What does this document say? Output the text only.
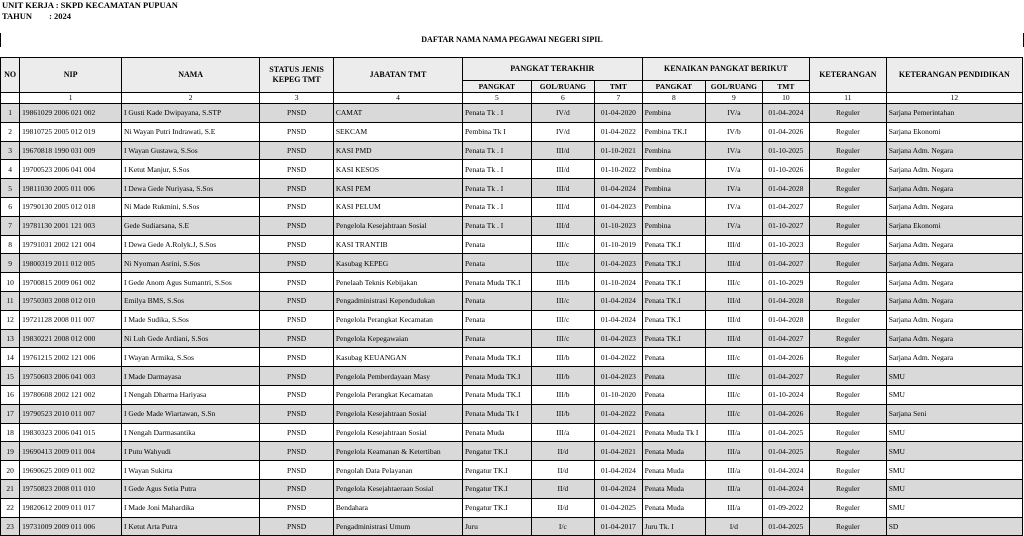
UNIT KERJA : SKPD KECAMATAN PUPUAN
TAHUN        : 2024
DAFTAR NAMA NAMA PEGAWAI NEGERI SIPIL
NO	NIP	NAMA	STATUS JENIS KEPEG TMT	JABATAN TMT	PANGKAT TERAKHIR			KENAIKAN PANGKAT BERIKUT			KETERANGAN	KETERANGAN PENDIDIKAN
					PANGKAT	GOL/RUANG	TMT	PANGKAT	GOL/RUANG	TMT		
	1	2	3	4	5	6	7	8	9	10	11	12
1	19861029 2006 021 002	I Gusti Kade Dwipayana, S.STP	PNSD	CAMAT	Penata Tk . I	IV/d	01-04-2020	Pembina	IV/a	01-04-2024	Reguler	Sarjana Pemerintahan
2	19810725 2005 012 019	Ni Wayan Putri Indrawati, S.E	PNSD	SEKCAM	Pembina Tk I	IV/d	01-04-2022	Pembina TK.I	IV/b	01-04-2026	Reguler	Sarjana Ekonomi
3	19670818 1990 031 009	I Wayan Gustawa, S.Sos	PNSD	KASI PMD	Penata Tk . I	III/d	01-10-2021	Pembina	IV/a	01-10-2025	Reguler	Sarjana Adm. Negara
4	19700523 2006 041 004	I Ketut Manjur, S.Sos	PNSD	KASI KESOS	Penata Tk . I	III/d	01-10-2022	Pembina	IV/a	01-10-2026	Reguler	Sarjana Adm. Negara
5	19811030 2005 011 006	I Dewa Gede Nuriyasa, S.Sos	PNSD	KASI PEM	Penata Tk . I	III/d	01-04-2024	Pembina	IV/a	01-04-2028	Reguler	Sarjana Adm. Negara
6	19790130 2005 012 018	Ni Made Rukmini, S.Sos	PNSD	KASI PELUM	Penata Tk . I	III/d	01-04-2023	Pembina	IV/a	01-04-2027	Reguler	Sarjana Adm. Negara
7	19781130 2001 121 003	Gede Sudiarsana, S.E	PNSD	Pengelola Kesejahtraan Sosial	Penata Tk . I	III/d	01-10-2023	Pembina	IV/a	01-10-2027	Reguler	Sarjana Ekonomi
8	19791031 2002 121 004	I Dewa Gede A.Rolyk.J, S.Sos	PNSD	KASI TRANTIB	Penata	III/c	01-10-2019	Penata TK.I	III/d	01-10-2023	Reguler	Sarjana Adm. Negara
9	19800319 2011 012 005	Ni Nyoman Asrini, S.Sos	PNSD	Kasubag KEPEG	Penata	III/c	01-04-2023	Penata TK.I	III/d	01-04-2027	Reguler	Sarjana Adm. Negara
10	19700815 2009 061 002	I Gede Anom Agus Sumantri, S.Sos	PNSD	Penelaah Teknis Kebijakan	Penata Muda TK.I	III/b	01-10-2024	Penata TK.I	III/c	01-10-2029	Reguler	Sarjana Adm. Negara
11	19750303 2008 012 010	Emilya BMS, S.Sos	PNSD	Pengadministrasi Kependudukan	Penata	III/c	01-04-2024	Penata TK.I	III/d	01-04-2028	Reguler	Sarjana Adm. Negara
12	19721128 2008 011 007	I Made Sudika, S.Sos	PNSD	Pengelola Perangkat Kecamatan	Penata	III/c	01-04-2024	Penata TK.I	III/d	01-04-2028	Reguler	Sarjana Adm. Negara
13	19830221 2008 012 000	Ni Luh Gede Ardiani, S.Sos	PNSD	Pengelola Kepegawaian	Penata	III/c	01-04-2023	Penata TK.I	III/d	01-04-2027	Reguler	Sarjana Adm. Negara
14	19761215 2002 121 006	I Wayan Armika, S.Sos	PNSD	Kasubag KEUANGAN	Penata Muda TK.I	III/b	01-04-2022	Penata	III/c	01-04-2026	Reguler	Sarjana Adm. Negara
15	19750603 2006 041 003	I Made Darmayasa	PNSD	Pengelola Pemberdayaan Masy	Penata Muda TK.I	III/b	01-04-2023	Penata	III/c	01-04-2027	Reguler	SMU
16	19780608 2002 121 002	I Nengah Dharma Hariyasa	PNSD	Pengelola Perangkat Kecamatan	Penata Muda TK.I	III/b	01-10-2020	Penata	III/c	01-10-2024	Reguler	SMU
17	19790523 2010 011 007	I Gede Made Wiartawan, S.Sn	PNSD	Pengelola Kesejahtraan Sosial	Penata Muda Tk I	III/b	01-04-2022	Penata	III/c	01-04-2026	Reguler	Sarjana Seni
18	19830323 2006 041 015	I Nengah Darmasantika	PNSD	Pengelola Kesejahtraan Sosial	Penata Muda	III/a	01-04-2021	Penata Muda Tk I	III/a	01-04-2025	Reguler	SMU
19	19690413 2009 011 004	I Putu Wahyudi	PNSD	Pengelola Keamanan & Ketertiban	Pengatur TK.I	II/d	01-04-2021	Penata Muda	III/a	01-04-2025	Reguler	SMU
20	19690625 2009 011 002	I Wayan Sukirta	PNSD	Pengolah Data Pelayanan	Pengatur TK.I	II/d	01-04-2024	Penata Muda	III/a	01-04-2024	Reguler	SMU
21	19750823 2008 011 010	I Gede Agus Setia Putra	PNSD	Pengelola Kesejahtaeraan Sosial	Pengatur TK.I	II/d	01-04-2024	Penata Muda	III/a	01-04-2024	Reguler	SMU
22	19820612 2009 011 017	I Made Joni Mahardika	PNSD	Bendahara	Pengatur TK.I	II/d	01-04-2025	Penata Muda	III/a	01-09-2022	Reguler	SMU
23	19731009 2009 011 006	I Ketut Arta Putra	PNSD	Pengadministrasi Umum	Juru	I/c	01-04-2017	Juru Tk. I	I/d	01-04-2025	Reguler	SD
